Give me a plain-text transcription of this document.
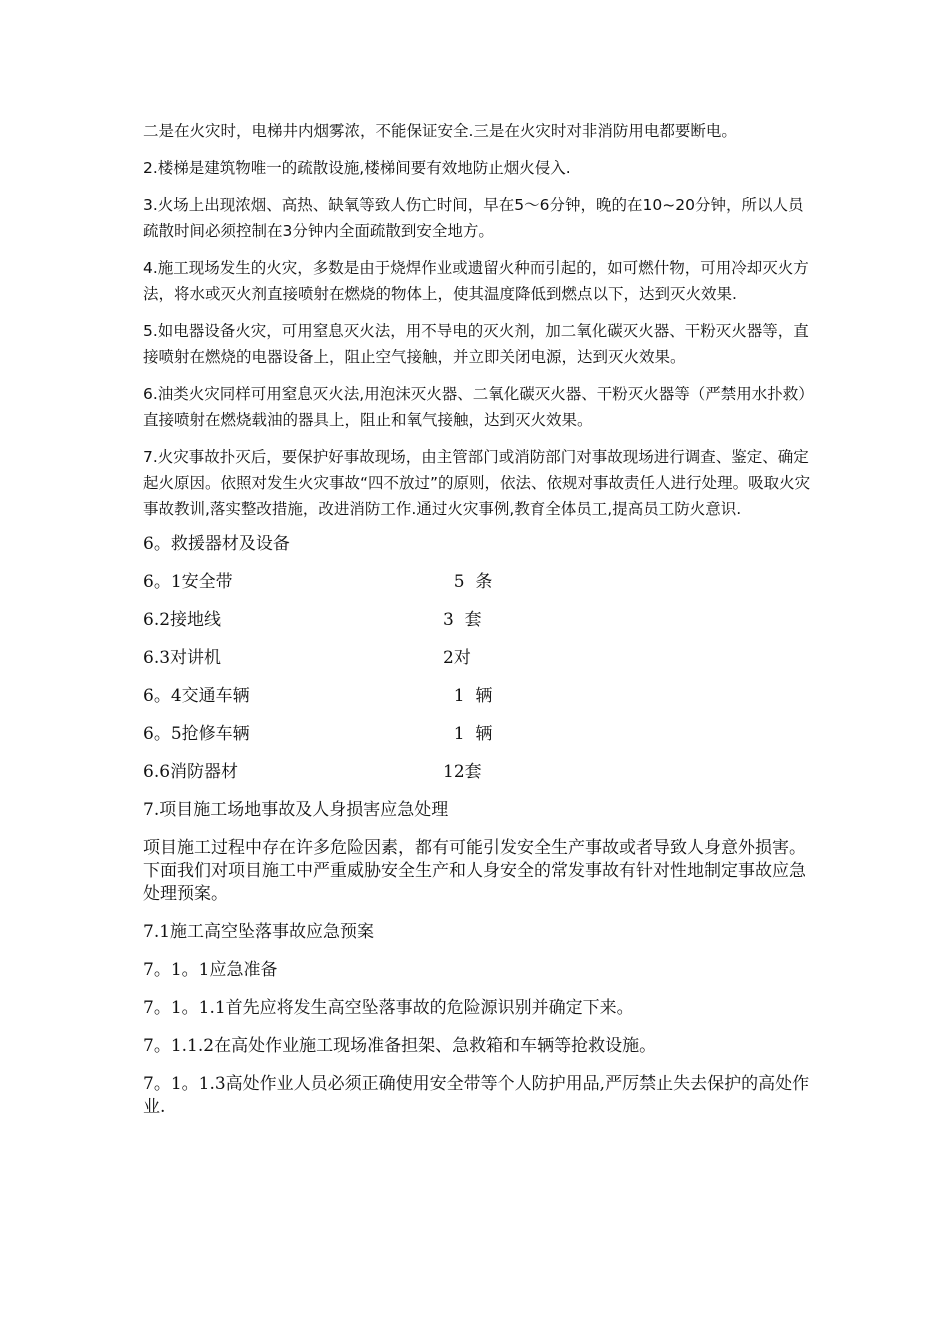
二是在火灾时，电梯井内烟雾浓，不能保证安全.三是在火灾时对非消防用电都要断电。

2.楼梯是建筑物唯一的疏散设施,楼梯间要有效地防止烟火侵入.

3.火场上出现浓烟、高热、缺氧等致人伤亡时间，早在5～6分钟，晚的在10~20分钟，所以人员疏散时间必须控制在3分钟内全面疏散到安全地方。

4.施工现场发生的火灾，多数是由于烧焊作业或遗留火种而引起的，如可燃什物，可用冷却灭火方法，将水或灭火剂直接喷射在燃烧的物体上，使其温度降低到燃点以下，达到灭火效果.

5.如电器设备火灾，可用窒息灭火法，用不导电的灭火剂，加二氧化碳灭火器、干粉灭火器等，直接喷射在燃烧的电器设备上，阻止空气接触，并立即关闭电源，达到灭火效果。

6.油类火灾同样可用窒息灭火法,用泡沫灭火器、二氧化碳灭火器、干粉灭火器等（严禁用水扑救）直接喷射在燃烧载油的器具上，阻止和氧气接触，达到灭火效果。

7.火灾事故扑灭后，要保护好事故现场，由主管部门或消防部门对事故现场进行调查、鉴定、确定起火原因。依照对发生火灾事故“四不放过”的原则，依法、依规对事故责任人进行处理。吸取火灾事故教训,落实整改措施，改进消防工作.通过火灾事例,教育全体员工,提高员工防火意识.

6。救援器材及设备

6。1安全带	5  条
6.2接地线	3  套
6.3对讲机	2对
6。4交通车辆	1  辆
6。5抢修车辆	1  辆
6.6消防器材	12套

7.项目施工场地事故及人身损害应急处理

项目施工过程中存在许多危险因素，都有可能引发安全生产事故或者导致人身意外损害。下面我们对项目施工中严重威胁安全生产和人身安全的常发事故有针对性地制定事故应急处理预案。

7.1施工高空坠落事故应急预案

7。1。1应急准备

7。1。1.1首先应将发生高空坠落事故的危险源识别并确定下来。

7。1.1.2在高处作业施工现场准备担架、急救箱和车辆等抢救设施。

7。1。1.3高处作业人员必须正确使用安全带等个人防护用品,严厉禁止失去保护的高处作业.
